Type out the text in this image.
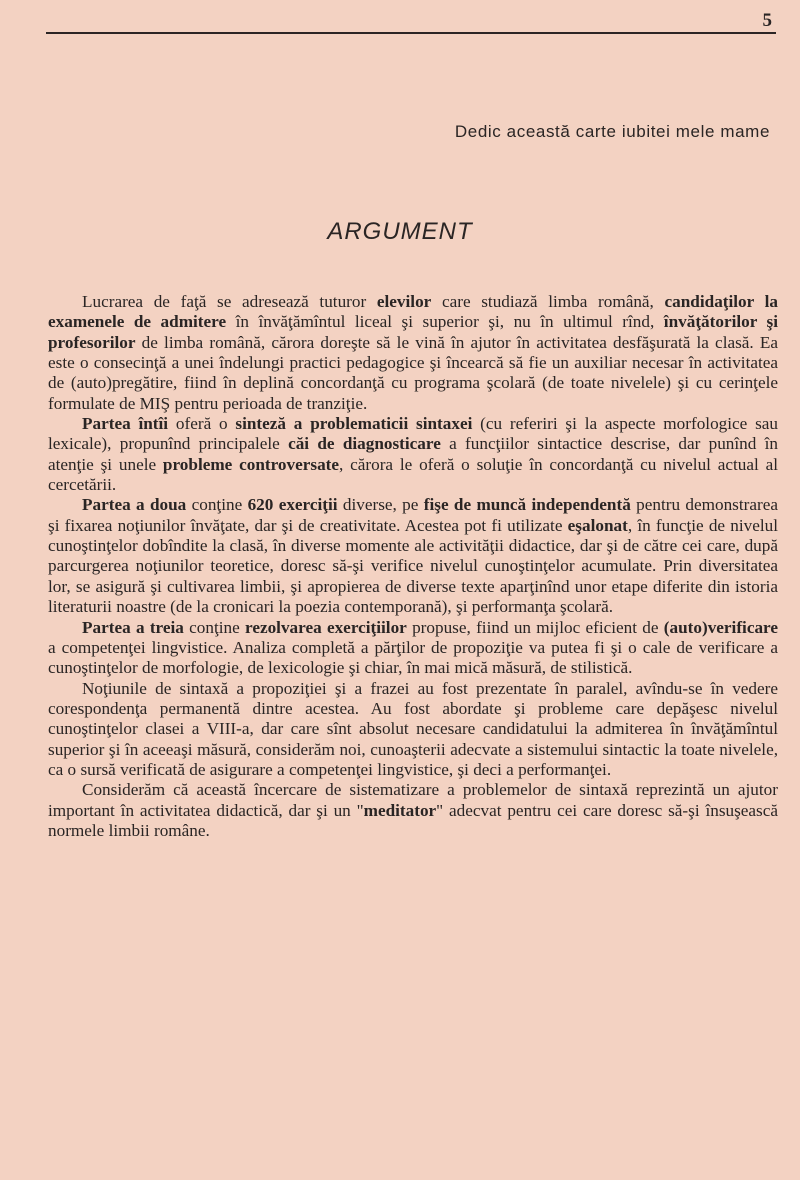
5
Dedic această carte iubitei mele mame
ARGUMENT

Lucrarea de faţă se adresează tuturor elevilor care studiază limba română, candidaţilor la examenele de admitere în învăţămîntul liceal şi superior şi, nu în ultimul rînd, învăţătorilor şi profesorilor de limba română, cărora doreşte să le vină în ajutor în activitatea desfăşurată la clasă. Ea este o consecinţă a unei îndelungi practici pedagogice şi încearcă să fie un auxiliar necesar în activitatea de (auto)pregătire, fiind în deplină concordanţă cu programa şcolară (de toate nivelele) şi cu cerinţele formulate de MIŞ pentru perioada de tranziţie.

Partea întîi oferă o sinteză a problematicii sintaxei (cu referiri şi la aspecte morfologice sau lexicale), propunînd principalele căi de diagnosticare a funcţiilor sintactice descrise, dar punînd în atenţie şi unele probleme controversate, cărora le oferă o soluţie în concordanţă cu nivelul actual al cercetării.

Partea a doua conţine 620 exerciţii diverse, pe fişe de muncă independentă pentru demonstrarea şi fixarea noţiunilor învăţate, dar şi de creativitate. Acestea pot fi utilizate eşalonat, în funcţie de nivelul cunoştinţelor dobîndite la clasă, în diverse momente ale activităţii didactice, dar şi de către cei care, după parcurgerea noţiunilor teoretice, doresc să-şi verifice nivelul cunoştinţelor acumulate. Prin diversitatea lor, se asigură şi cultivarea limbii, şi apropierea de diverse texte aparţinînd unor etape diferite din istoria literaturii noastre (de la cronicari la poezia contemporană), şi performanţa şcolară.

Partea a treia conţine rezolvarea exerciţiilor propuse, fiind un mijloc eficient de (auto)verificare a competenţei lingvistice. Analiza completă a părţilor de propoziţie va putea fi şi o cale de verificare a cunoştinţelor de morfologie, de lexicologie şi chiar, în mai mică măsură, de stilistică.

Noţiunile de sintaxă a propoziţiei şi a frazei au fost prezentate în paralel, avîndu-se în vedere corespondenţa permanentă dintre acestea. Au fost abordate şi probleme care depăşesc nivelul cunoştinţelor clasei a VIII-a, dar care sînt absolut necesare candidatului la admiterea în învăţămîntul superior şi în aceeaşi măsură, considerăm noi, cunoaşterii adecvate a sistemului sintactic la toate nivelele, ca o sursă verificată de asigurare a competenţei lingvistice, şi deci a performanţei.

Considerăm că această încercare de sistematizare a problemelor de sintaxă reprezintă un ajutor important în activitatea didactică, dar şi un "meditator" adecvat pentru cei care doresc să-şi însuşească normele limbii române.
